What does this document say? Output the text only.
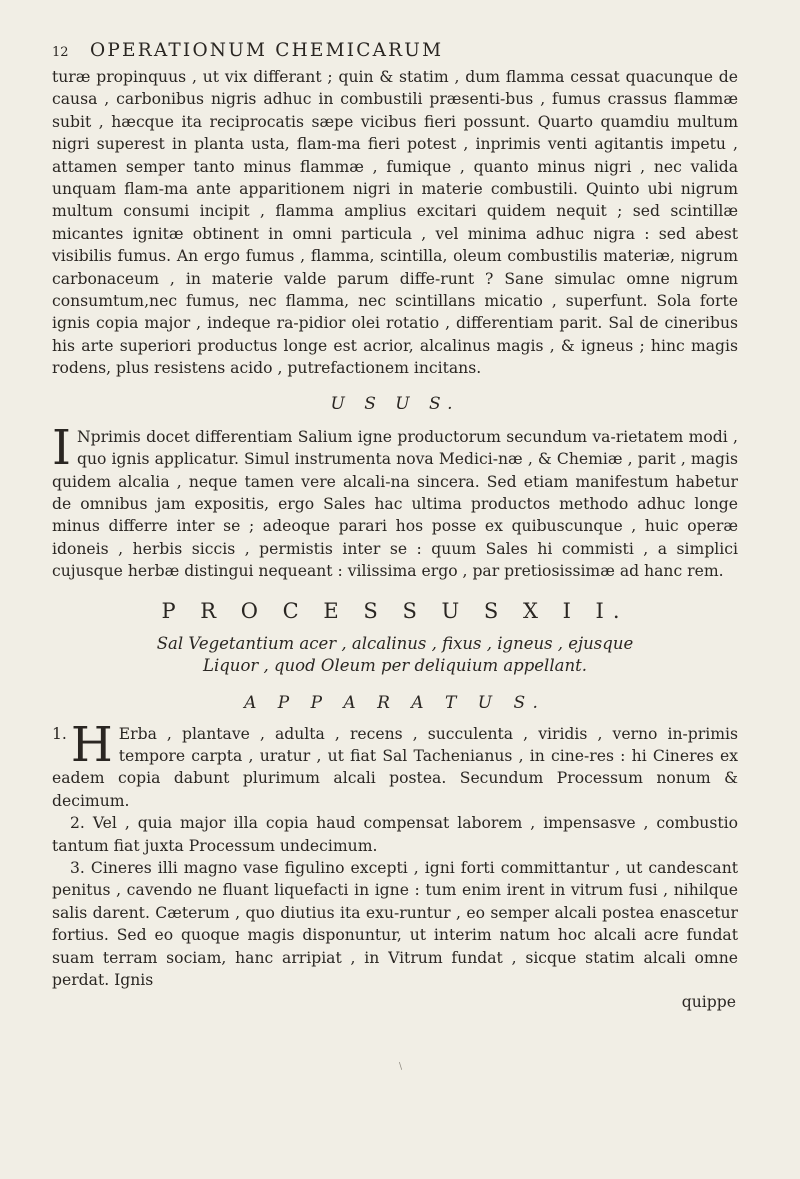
12	OPERATIONUM CHEMICARUM

turæ propinquus , ut vix differant ; quin & statim , dum flamma cessat quacunque de causa , carbonibus nigris adhuc in combustili præsenti-bus , fumus crassus flammæ subit , hæcque ita reciprocatis sæpe vicibus fieri possunt. Quarto quamdiu multum nigri superest in planta usta, flam-ma fieri potest , inprimis venti agitantis impetu , attamen semper tanto minus flammæ , fumique , quanto minus nigri , nec valida unquam flam-ma ante apparitionem nigri in materie combustili. Quinto ubi nigrum multum consumi incipit , flamma amplius excitari quidem nequit ; sed scintillæ micantes ignitæ obtinent in omni particula , vel minima adhuc nigra : sed abest visibilis fumus. An ergo fumus , flamma, scintilla, oleum combustilis materiæ, nigrum carbonaceum , in materie valde parum diffe-runt ? Sane simulac omne nigrum consumtum,nec fumus, nec flamma, nec scintillans micatio , superfunt. Sola forte ignis copia major , indeque ra-pidior olei rotatio , differentiam parit. Sal de cineribus his arte superiori productus longe est acrior, alcalinus magis , & igneus ; hinc magis rodens, plus resistens acido , putrefactionem incitans.

U S U S.

I Nprimis docet differentiam Salium igne productorum secundum va-rietatem modi , quo ignis applicatur. Simul instrumenta nova Medici-næ , & Chemiæ , parit , magis quidem alcalia , neque tamen vere alcali-na sincera. Sed etiam manifestum habetur de omnibus jam expositis, ergo Sales hac ultima productos methodo adhuc longe minus differre inter se ; adeoque parari hos posse ex quibuscunque , huic operæ idoneis , herbis siccis , permistis inter se : quum Sales hi commisti , a simplici cujusque herbæ distingui nequeant : vilissima ergo , par pretiosissimæ ad hanc rem.

P R O C E S S U S X I I.
Sal Vegetantium acer , alcalinus , fixus , igneus , ejusque
Liquor , quod Oleum per deliquium appellant.
A P P A R A T U S.

1. H Erba , plantave , adulta , recens , succulenta , viridis , verno in-primis tempore carpta , uratur , ut fiat Sal Tachenianus , in cine-res : hi Cineres ex eadem copia dabunt plurimum alcali postea. Secundum Processum nonum & decimum.

2. Vel , quia major illa copia haud compensat laborem , impensasve , combustio tantum fiat juxta Processum undecimum.

3. Cineres illi magno vase figulino excepti , igni forti committantur , ut candescant penitus , cavendo ne fluant liquefacti in igne : tum enim irent in vitrum fusi , nihilque salis darent. Cæterum , quo diutius ita exu-runtur , eo semper alcali postea enascetur fortius. Sed eo quoque magis disponuntur, ut interim natum hoc alcali acre fundat suam terram sociam, hanc arripiat , in Vitrum fundat , sicque statim alcali omne perdat. Ignis

quippe
\
